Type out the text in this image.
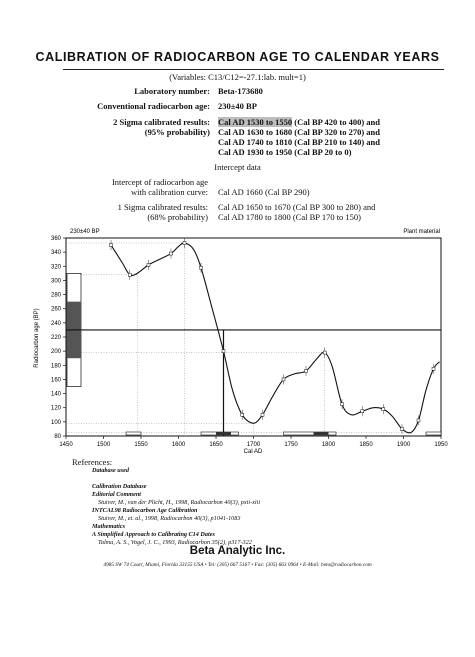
CALIBRATION OF RADIOCARBON AGE TO CALENDAR YEARS
(Variables: C13/C12=-27.1:lab. mult=1)
Laboratory number: Beta-173680
Conventional radiocarbon age: 230±40 BP
2 Sigma calibrated results:
(95% probability)
Cal AD 1530 to 1550 (Cal BP 420 to 400) and
Cal AD 1630 to 1680 (Cal BP 320 to 270) and
Cal AD 1740 to 1810 (Cal BP 210 to 140) and
Cal AD 1930 to 1950 (Cal BP 20 to 0)
Intercept data
Intercept of radiocarbon age
with calibration curve: Cal AD 1660 (Cal BP 290)
1 Sigma calibrated results:
(68% probability)
Cal AD 1650 to 1670 (Cal BP 300 to 280) and
Cal AD 1780 to 1800 (Cal BP 170 to 150)
80
100
120
140
160
180
200
220
240
260
280
300
320
340
360
1450	1500	1550	1600	1650	1700	1750	1800	1850	1900	1950
230±40 BP	Plant material
Cal AD
Radiocarbon age (BP)
References:
Database used
Calibration Database
Editorial Comment
Stuiver, M., van der Plicht, H., 1998, Radiocarbon 40(3), pxii-xiii
INTCAL98 Radiocarbon Age Calibration
Stuiver, M., et. al., 1998, Radiocarbon 40(3), p1041-1083
Mathematics
A Simplified Approach to Calibrating C14 Dates
Talma, A. S., Vogel, J. C., 1993, Radiocarbon 35(2), p317-322
Beta Analytic Inc.
4985 SW 74 Court, Miami, Florida 33155 USA • Tel: (305) 667 5167 • Fax: (305) 663 0964 • E-Mail: beta@radiocarbon.com
